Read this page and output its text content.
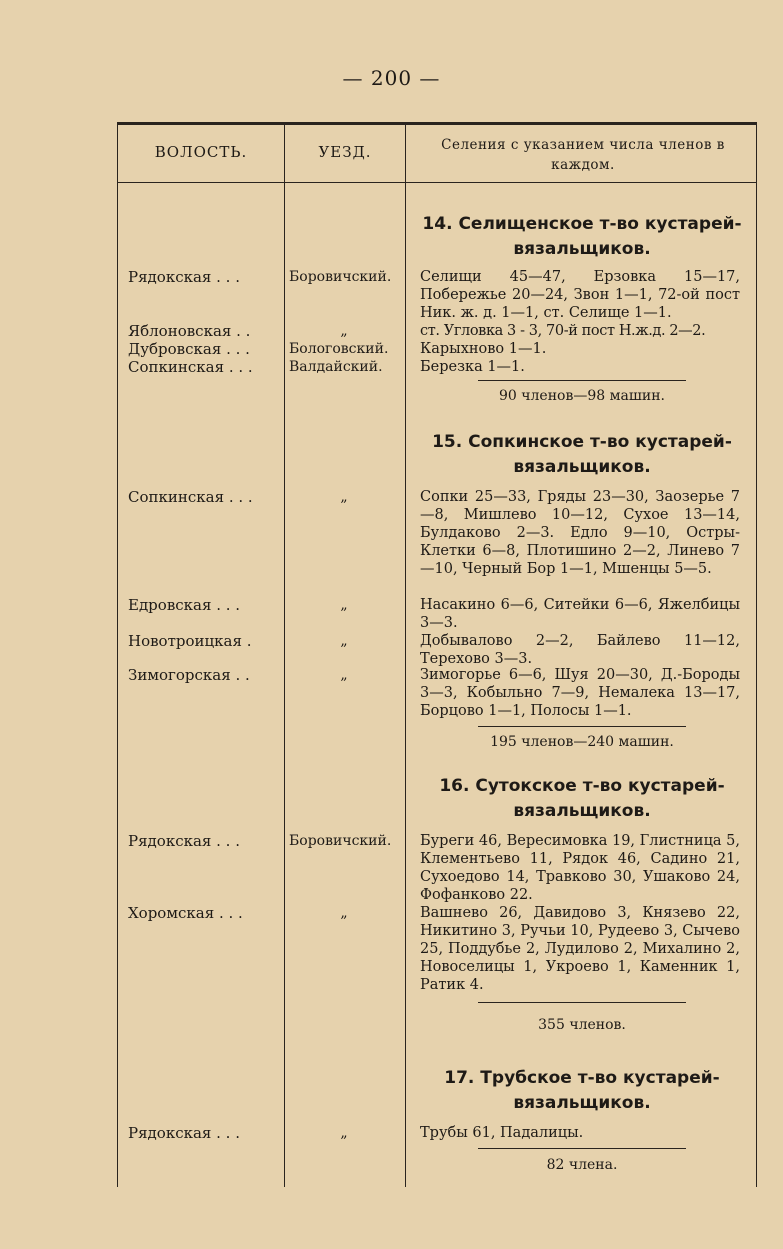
— 200 —
ВОЛОСТЬ.	УЕЗД.	Селения с указанием числа членов в каждом.
14. Селищенское т-во кустарей-вязальщиков.
Рядокская . . .	Боровичский.	Селищи 45—47, Ерзовка 15—17, Побережье 20—24, Звон 1—1, 72-ой пост Ник. ж. д. 1—1, ст. Селище 1—1.
Яблоновская . .	„	ст. Угловка 3 - 3, 70-й пост Н.ж.д. 2—2.
Дубровская . . .	Бологовский.	Карыхново 1—1.
Сопкинская . . .	Валдайский.	Березка 1—1.
90 членов—98 машин.
15. Сопкинское т-во кустарей-вязальщиков.
Сопкинская . . .	„	Сопки 25—33, Гряды 23—30, Заозерье 7—8, Мишлево 10—12, Сухое 13—14, Булдаково 2—3. Едло 9—10, Остры-Клетки 6—8, Плотишино 2—2, Линево 7—10, Черный Бор 1—1, Мшенцы 5—5.
Едровская . . .	„	Насакино 6—6, Ситейки 6—6, Яжелбицы 3—3.
Новотроицкая .	„	Добывалово 2—2, Байлево 11—12, Терехово 3—3.
Зимогорская . .	„	Зимогорье 6—6, Шуя 20—30, Д.-Бороды 3—3, Кобыльно 7—9, Немалека 13—17, Борцово 1—1, Полосы 1—1.
195 членов—240 машин.
16. Сутокское т-во кустарей-вязальщиков.
Рядокская . . .	Боровичский.	Буреги 46, Вересимовка 19, Глистница 5, Клементьево 11, Рядок 46, Садино 21, Сухоедово 14, Травково 30, Ушаково 24, Фофанково 22.
Хоромская . . .	„	Вашнево 26, Давидово 3, Князево 22, Никитино 3, Ручьи 10, Рудеево 3, Сычево 25, Поддубье 2, Лудилово 2, Михалино 2, Новоселицы 1, Укроево 1, Каменник 1, Ратик 4.
355 членов.
17. Трубское т-во кустарей-вязальщиков.
Рядокская . . .	„	Трубы 61, Падалицы.
82 члена.
